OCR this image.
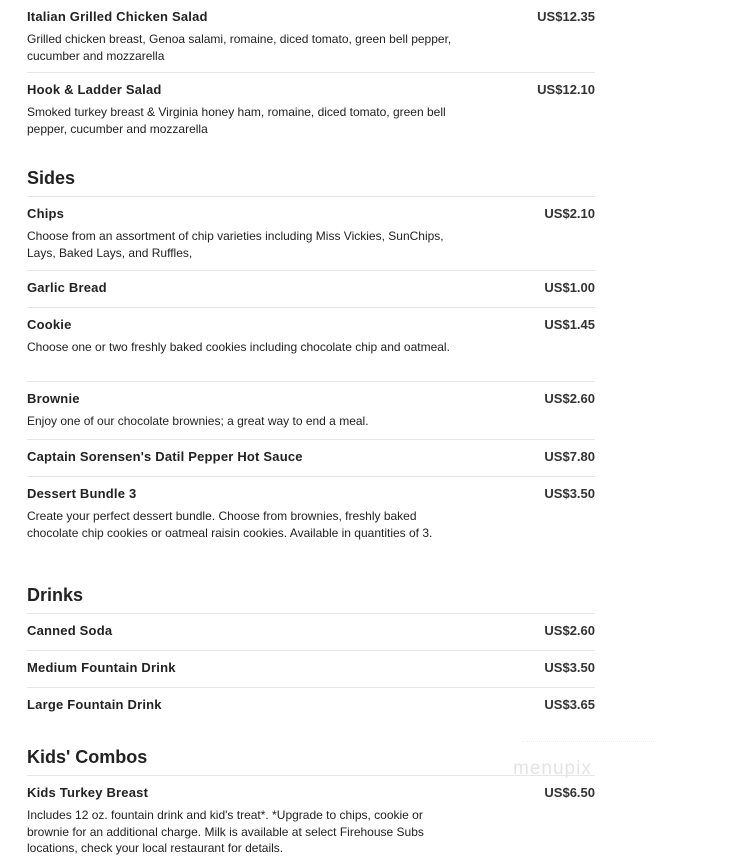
Italian Grilled Chicken Salad	US$12.35
Grilled chicken breast, Genoa salami, romaine, diced tomato, green bell pepper, cucumber and mozzarella
Hook & Ladder Salad	US$12.10
Smoked turkey breast & Virginia honey ham, romaine, diced tomato, green bell pepper, cucumber and mozzarella
Sides
Chips	US$2.10
Choose from an assortment of chip varieties including Miss Vickies, SunChips, Lays, Baked Lays, and Ruffles,
Garlic Bread	US$1.00
Cookie	US$1.45
Choose one or two freshly baked cookies including chocolate chip and oatmeal.
Brownie	US$2.60
Enjoy one of our chocolate brownies; a great way to end a meal.
Captain Sorensen's Datil Pepper Hot Sauce	US$7.80
Dessert Bundle 3	US$3.50
Create your perfect dessert bundle. Choose from brownies, freshly baked chocolate chip cookies or oatmeal raisin cookies. Available in quantities of 3.
Drinks
Canned Soda	US$2.60
Medium Fountain Drink	US$3.50
Large Fountain Drink	US$3.65
Kids' Combos
Kids Turkey Breast	US$6.50
Includes 12 oz. fountain drink and kid's treat*. *Upgrade to chips, cookie or brownie for an additional charge. Milk is available at select Firehouse Subs locations, check your local restaurant for details.
menupix
